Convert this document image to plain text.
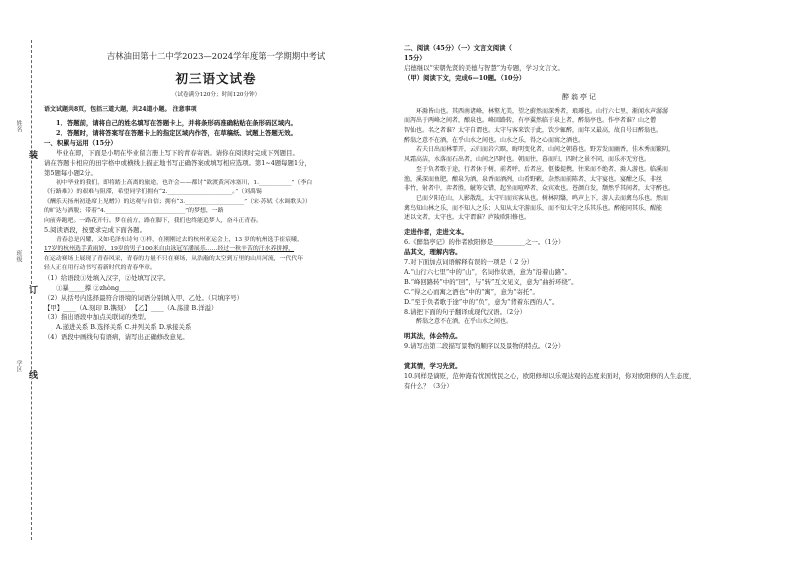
姓名
班级
学区
装
订
线
吉林油田第十二中学2023—2024学年度第一学期期中考试
初三语文试卷
（试卷满分120分；时间120分钟）
语文试题共8页，包括三道大题，共24道小题。 注意事项

1．答题前，请将自己的姓名填写在答题卡上，并将条形码准确粘贴在条形码区域内。

2．答题时，请将答案写在答题卡上的指定区域内作答，在草稿纸、试题上答题无效。

一、积累与运用（15分）

毕业在即，下面是小明在毕业留言册上写下的青春寄语。请你在阅读时完成下列题目。

请在答题卡相应的田字格中或横线上描正地书写正确答案或填写相应选项。第1~4题每题1分，

第5题每小题2分。

初中毕业的我们，即将踏上高离的旅途，也许会——都讨“欲渡黄河冰塞川，1.___________”（李白

《行路难》）的艰难与阻滞，希望同学们拥有“2.______________________。”（刘禹锡

《酬乐天扬州初逢席上见赠》）的达观与自信；拥有“3.____________________”（宋·苏轼《水调歌头》）

的旷达与洒脱；带着“4.___________________________”的梦想，一路

向前奔跑吧。一路花开行。梦在前方，路在脚下，我们也终能追梦人，奋斗正青春。

5.阅读语段，按要求完成下面各题。

青春总是闪耀，又如毛泽东诗句 ①样，在刚刚过去的杭州亚运会上，13 岁的杭州选手崔宸曦、

17岁的杭州选手黄雨婷、19岁的男子100米自由泳冠军潘展乐……经过一秋辛苦的汗水养拼搏，

在运动赛场上展现了青春风采，青春的力量不只在赛场，从浩瀚的太空到万里的山川河流，一代代年

轻人正在用行动书写着新时代的青春华章。

（1）给语段①处填入汉字，②处填写汉字。

①暴_____撑 ②zhòng_____

（2）从括号内选择最符合语境的词语分别填入甲、乙处。（只填序号）

【甲】____（A.刻印 B.镌刻） 【乙】____（A.荡漾 B.洋溢）

（3）指出语段中加点关联词的类型。

A.递进关系 B.选择关系 C.并列关系 D.承接关系

（4）语段中画线句有语病，请写出正确修改意见。

二、阅读（45分）（一）文言文阅读（

15分）

启德继以“宋朝先贤的美德与智慧”为专题，学习文言文。

（甲）阅读下文，完成6—10题。（10分）

醉翁亭记

环滁皆山也。其西南诸峰，林壑尤美，望之蔚然而深秀者，琅琊也。山行六七里，渐闻水声潺潺

而泻出于两峰之间者，酿泉也。峰回路转，有亭翼然临于泉上者，醉翁亭也。作亭者谁？山之僧

智仙也。名之者谁？太守自谓也。太守与客来饮于此，饮少辄醉，而年又最高，故自号曰醉翁也。

醉翁之意不在酒，在乎山水之间也。山水之乐，得之心而寓之酒也。

若夫日出而林霏开，云归而岩穴暝，晦明变化者，山间之朝暮也。野芳发而幽香，佳木秀而繁阴，

风霜高洁，水落而石出者，山间之四时也。朝而往，暮而归，四时之景不同，而乐亦无穷也。

至于负者歌于途，行者休于树，前者呼，后者应，伛偻提携，往来而不绝者，滁人游也。临溪而

渔，溪深而鱼肥，酿泉为酒，泉香而酒洌，山肴野蔌，杂然而前陈者，太守宴也。宴酣之乐，非丝

非竹，射者中，弈者胜，觥筹交错，起坐而喧哗者，众宾欢也。苍颜白发，颓然乎其间者，太守醉也。

已而夕阳在山，人影散乱，太守归而宾客从也。树林阴翳，鸣声上下，游人去而禽鸟乐也。然而

禽鸟知山林之乐，而不知人之乐；人知从太守游而乐，而不知太守之乐其乐也。醉能同其乐，醒能

述以文者，太守也。太守谓谁？庐陵欧阳修也。

走进作者，走进文本。

6.《醉翁亭记》的作者欧阳修是__________之一。（1分）

品其文，理解内容。

7.对下面加点词语解释有误的一项是（ 2 分）

A.“山行六七里”中的“山”，名词作状语，意为“沿着山路”。

B.“峰回路转”中的“回”，与“转”互文见义，意为“曲折环绕”。

C.“得之心而寓之酒也”中的“寓”，意为“寄托”。

D.“至于负者歌于途”中的“负”，意为“背着东西的人”。

8.请把下面的句子翻译成现代汉语。（2分）

醉翁之意不在酒，在乎山水之间也。

明其法，体会特点。

9.请写出第二段描写景物的顺序以及景物的特点。（2分）

赏其情，学习先贤。

10.同样是谪贬，范仲淹有忧国忧民之心，欧阳修却以乐观达观的态度来面对，你对欧阳修的人生态度，

有什么？（3分）
